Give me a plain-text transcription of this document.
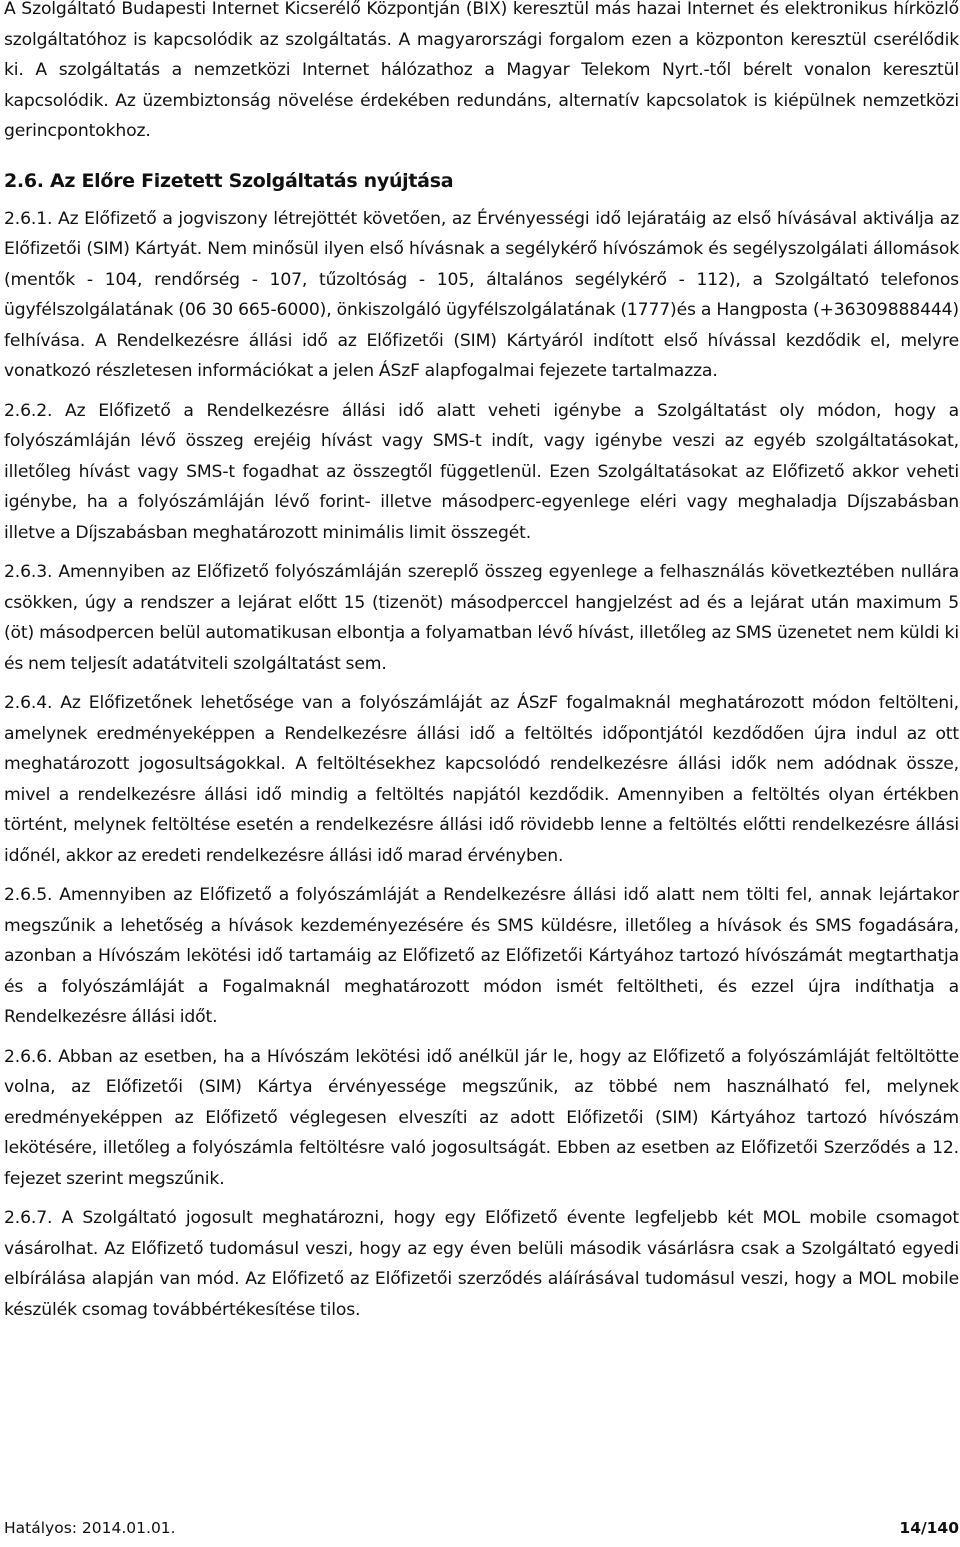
A Szolgáltató Budapesti Internet Kicserélő Központján (BIX) keresztül más hazai Internet és elektronikus hírközlő szolgáltatóhoz is kapcsolódik az szolgáltatás. A magyarországi forgalom ezen a központon keresztül cserélődik ki. A szolgáltatás a nemzetközi Internet hálózathoz a Magyar Telekom Nyrt.-től bérelt vonalon keresztül kapcsolódik. Az üzembiztonság növelése érdekében redundáns, alternatív kapcsolatok is kiépülnek nemzetközi gerincpontokhoz.

2.6. Az Előre Fizetett Szolgáltatás nyújtása

2.6.1. Az Előfizető a jogviszony létrejöttét követően, az Érvényességi idő lejáratáig az első hívásával aktiválja az Előfizetői (SIM) Kártyát. Nem minősül ilyen első hívásnak a segélykérő hívószámok és segélyszolgálati állomások (mentők - 104, rendőrség - 107, tűzoltóság - 105, általános segélykérő - 112), a Szolgáltató telefonos ügyfélszolgálatának (06 30 665-6000), önkiszolgáló ügyfélszolgálatának (1777)és a Hangposta (+36309888444) felhívása. A Rendelkezésre állási idő az Előfizetői (SIM) Kártyáról indított első hívással kezdődik el, melyre vonatkozó részletesen információkat a jelen ÁSzF alapfogalmai fejezete tartalmazza.

2.6.2. Az Előfizető a Rendelkezésre állási idő alatt veheti igénybe a Szolgáltatást oly módon, hogy a folyószámláján lévő összeg erejéig hívást vagy SMS-t indít, vagy igénybe veszi az egyéb szolgáltatásokat, illetőleg hívást vagy SMS-t fogadhat az összegtől függetlenül. Ezen Szolgáltatásokat az Előfizető akkor veheti igénybe, ha a folyószámláján lévő forint- illetve másodperc-egyenlege eléri vagy meghaladja Díjszabásban illetve a Díjszabásban meghatározott minimális limit összegét.

2.6.3. Amennyiben az Előfizető folyószámláján szereplő összeg egyenlege a felhasználás következtében nullára csökken, úgy a rendszer a lejárat előtt 15 (tizenöt) másodperccel hangjelzést ad és a lejárat után maximum 5 (öt) másodpercen belül automatikusan elbontja a folyamatban lévő hívást, illetőleg az SMS üzenetet nem küldi ki és nem teljesít adatátviteli szolgáltatást sem.

2.6.4. Az Előfizetőnek lehetősége van a folyószámláját az ÁSzF fogalmaknál meghatározott módon feltölteni, amelynek eredményeképpen a Rendelkezésre állási idő a feltöltés időpontjától kezdődően újra indul az ott meghatározott jogosultságokkal. A feltöltésekhez kapcsolódó rendelkezésre állási idők nem adódnak össze, mivel a rendelkezésre állási idő mindig a feltöltés napjától kezdődik. Amennyiben a feltöltés olyan értékben történt, melynek feltöltése esetén a rendelkezésre állási idő rövidebb lenne a feltöltés előtti rendelkezésre állási időnél, akkor az eredeti rendelkezésre állási idő marad érvényben.

2.6.5. Amennyiben az Előfizető a folyószámláját a Rendelkezésre állási idő alatt nem tölti fel, annak lejártakor megszűnik a lehetőség a hívások kezdeményezésére és SMS küldésre, illetőleg a hívások és SMS fogadására, azonban a Hívószám lekötési idő tartamáig az Előfizető az Előfizetői Kártyához tartozó hívószámát megtarthatja és a folyószámláját a Fogalmaknál meghatározott módon ismét feltöltheti, és ezzel újra indíthatja a Rendelkezésre állási időt.

2.6.6. Abban az esetben, ha a Hívószám lekötési idő anélkül jár le, hogy az Előfizető a folyószámláját feltöltötte volna, az Előfizetői (SIM) Kártya érvényessége megszűnik, az többé nem használható fel, melynek eredményeképpen az Előfizető véglegesen elveszíti az adott Előfizetői (SIM) Kártyához tartozó hívószám lekötésére, illetőleg a folyószámla feltöltésre való jogosultságát. Ebben az esetben az Előfizetői Szerződés a 12. fejezet szerint megszűnik.

2.6.7. A Szolgáltató jogosult meghatározni, hogy egy Előfizető évente legfeljebb két MOL mobile csomagot vásárolhat. Az Előfizető tudomásul veszi, hogy az egy éven belüli második vásárlásra csak a Szolgáltató egyedi elbírálása alapján van mód. Az Előfizető az Előfizetői szerződés aláírásával tudomásul veszi, hogy a MOL mobile készülék csomag továbbértékesítése tilos.

Hatályos: 2014.01.01.	14/140
